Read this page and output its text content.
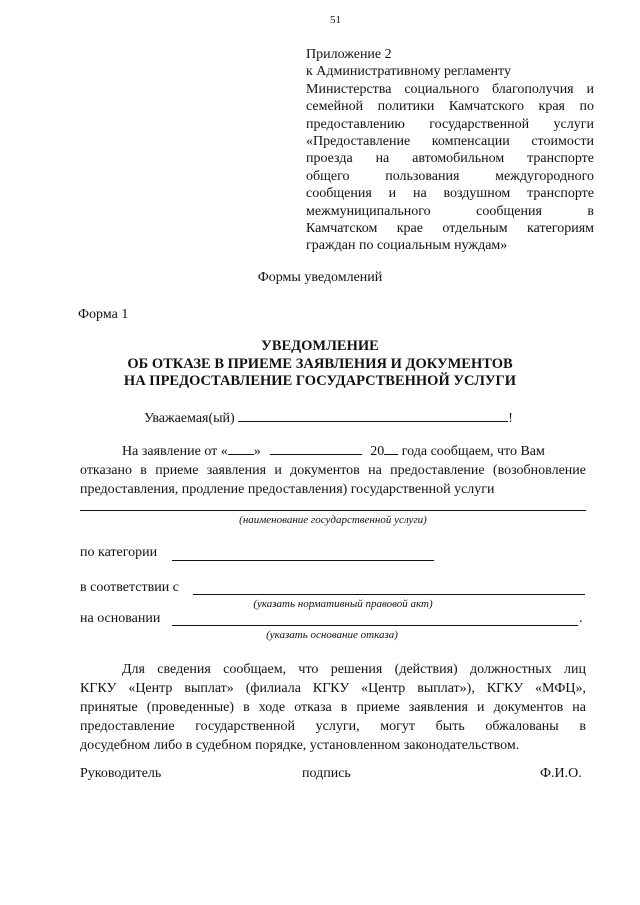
51
Приложение 2
к Административному регламенту
Министерства социального благополучия и
семейной политики Камчатского края по
предоставлению государственной услуги
«Предоставление компенсации стоимости
проезда на автомобильном транспорте
общего пользования междугородного
сообщения и на воздушном транспорте
межмуниципального сообщения в
Камчатском крае отдельным категориям
граждан по социальным нуждам»
Формы уведомлений
Форма 1
УВЕДОМЛЕНИЕ
ОБ ОТКАЗЕ В ПРИЕМЕ ЗАЯВЛЕНИЯ И ДОКУМЕНТОВ
НА ПРЕДОСТАВЛЕНИЕ ГОСУДАРСТВЕННОЙ УСЛУГИ
Уважаемая(ый)	!
На заявление от « »	20 года сообщаем, что Вам
отказано в приеме заявления и документов на предоставление (возобновление
предоставления, продление предоставления) государственной услуги
(наименование государственной услуги)
по категории
в соответствии с
(указать нормативный правовой акт)
на основании	.
(указать основание отказа)
Для сведения сообщаем, что решения (действия) должностных лиц
КГКУ «Центр выплат» (филиала КГКУ «Центр выплат»), КГКУ «МФЦ»,
принятые (проведенные) в ходе отказа в приеме заявления и документов на
предоставление государственной услуги, могут быть обжалованы в
досудебном либо в судебном порядке, установленном законодательством.
Руководитель	подпись	Ф.И.О.
